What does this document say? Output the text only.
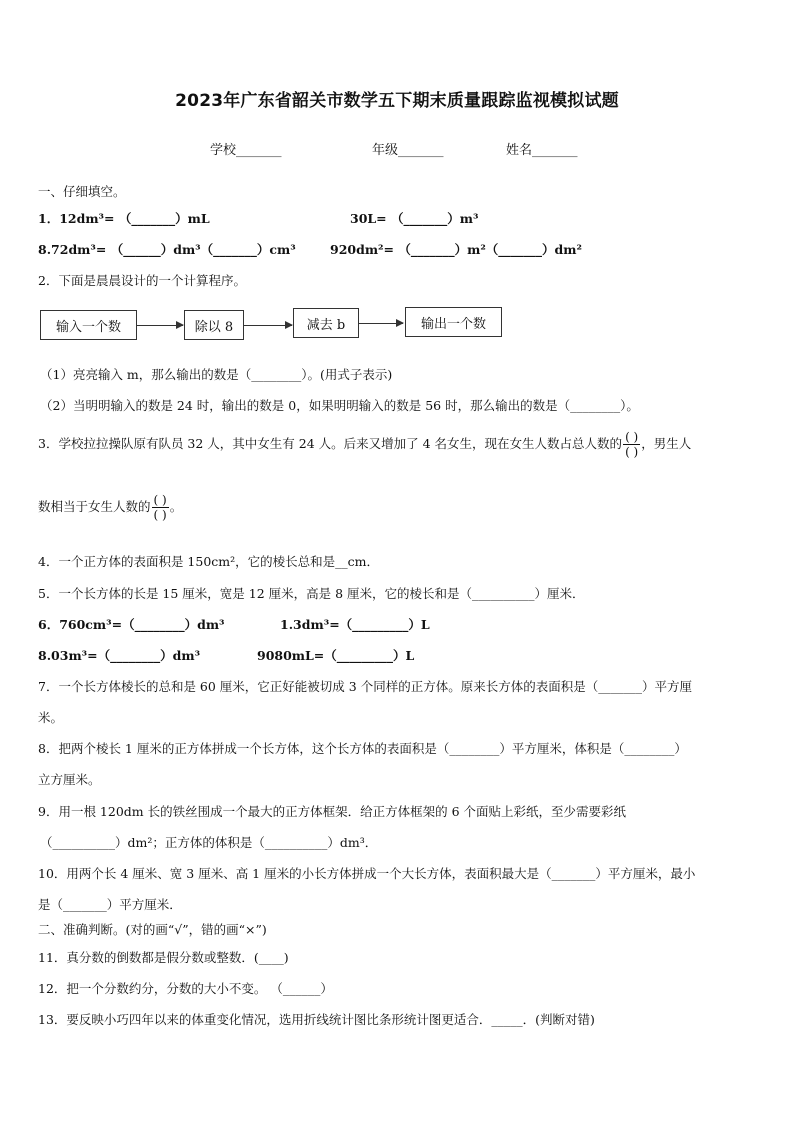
2023年广东省韶关市数学五下期末质量跟踪监视模拟试题
学校_______	年级_______	姓名_______
一、仔细填空。
1．12dm³= （_______）mL	30L= （_______）m³
8.72dm³= （______）dm³（_______）cm³	920dm²= （_______）m²（_______）dm²
2．下面是晨晨设计的一个计算程序。
输入一个数	除以 8	减去 b	输出一个数
（1）亮亮输入 m，那么输出的数是（________）。(用式子表示)
（2）当明明输入的数是 24 时，输出的数是 0，如果明明输入的数是 56 时，那么输出的数是（________）。
3．学校拉拉操队原有队员 32 人，其中女生有 24 人。后来又增加了 4 名女生，现在女生人数占总人数的 $\frac{( )}{( )}$ ，男生人
数相当于女生人数的 $\frac{( )}{( )}$ 。
4．一个正方体的表面积是 150cm²，它的棱长总和是__cm．
5．一个长方体的长是 15 厘米，宽是 12 厘米，高是 8 厘米，它的棱长和是（__________）厘米．
6．760cm³=（________）dm³	1.3dm³=（_________）L
8.03m³=（________）dm³	9080mL=（_________）L
7．一个长方体棱长的总和是 60 厘米，它正好能被切成 3 个同样的正方体。原来长方体的表面积是（_______）平方厘
米。
8．把两个棱长 1 厘米的正方体拼成一个长方体，这个长方体的表面积是（________）平方厘米，体积是（________）
立方厘米。
9．用一根 120dm 长的铁丝围成一个最大的正方体框架．给正方体框架的 6 个面贴上彩纸，至少需要彩纸
（__________）dm²；正方体的体积是（__________）dm³．
10．用两个长 4 厘米、宽 3 厘米、高 1 厘米的小长方体拼成一个大长方体，表面积最大是（_______）平方厘米，最小
是（_______）平方厘米．
二、准确判断。(对的画“√”，错的画“×”)
11．真分数的倒数都是假分数或整数．(____)
12．把一个分数约分，分数的大小不变。 （______）
13．要反映小巧四年以来的体重变化情况，选用折线统计图比条形统计图更适合．_____．(判断对错)
